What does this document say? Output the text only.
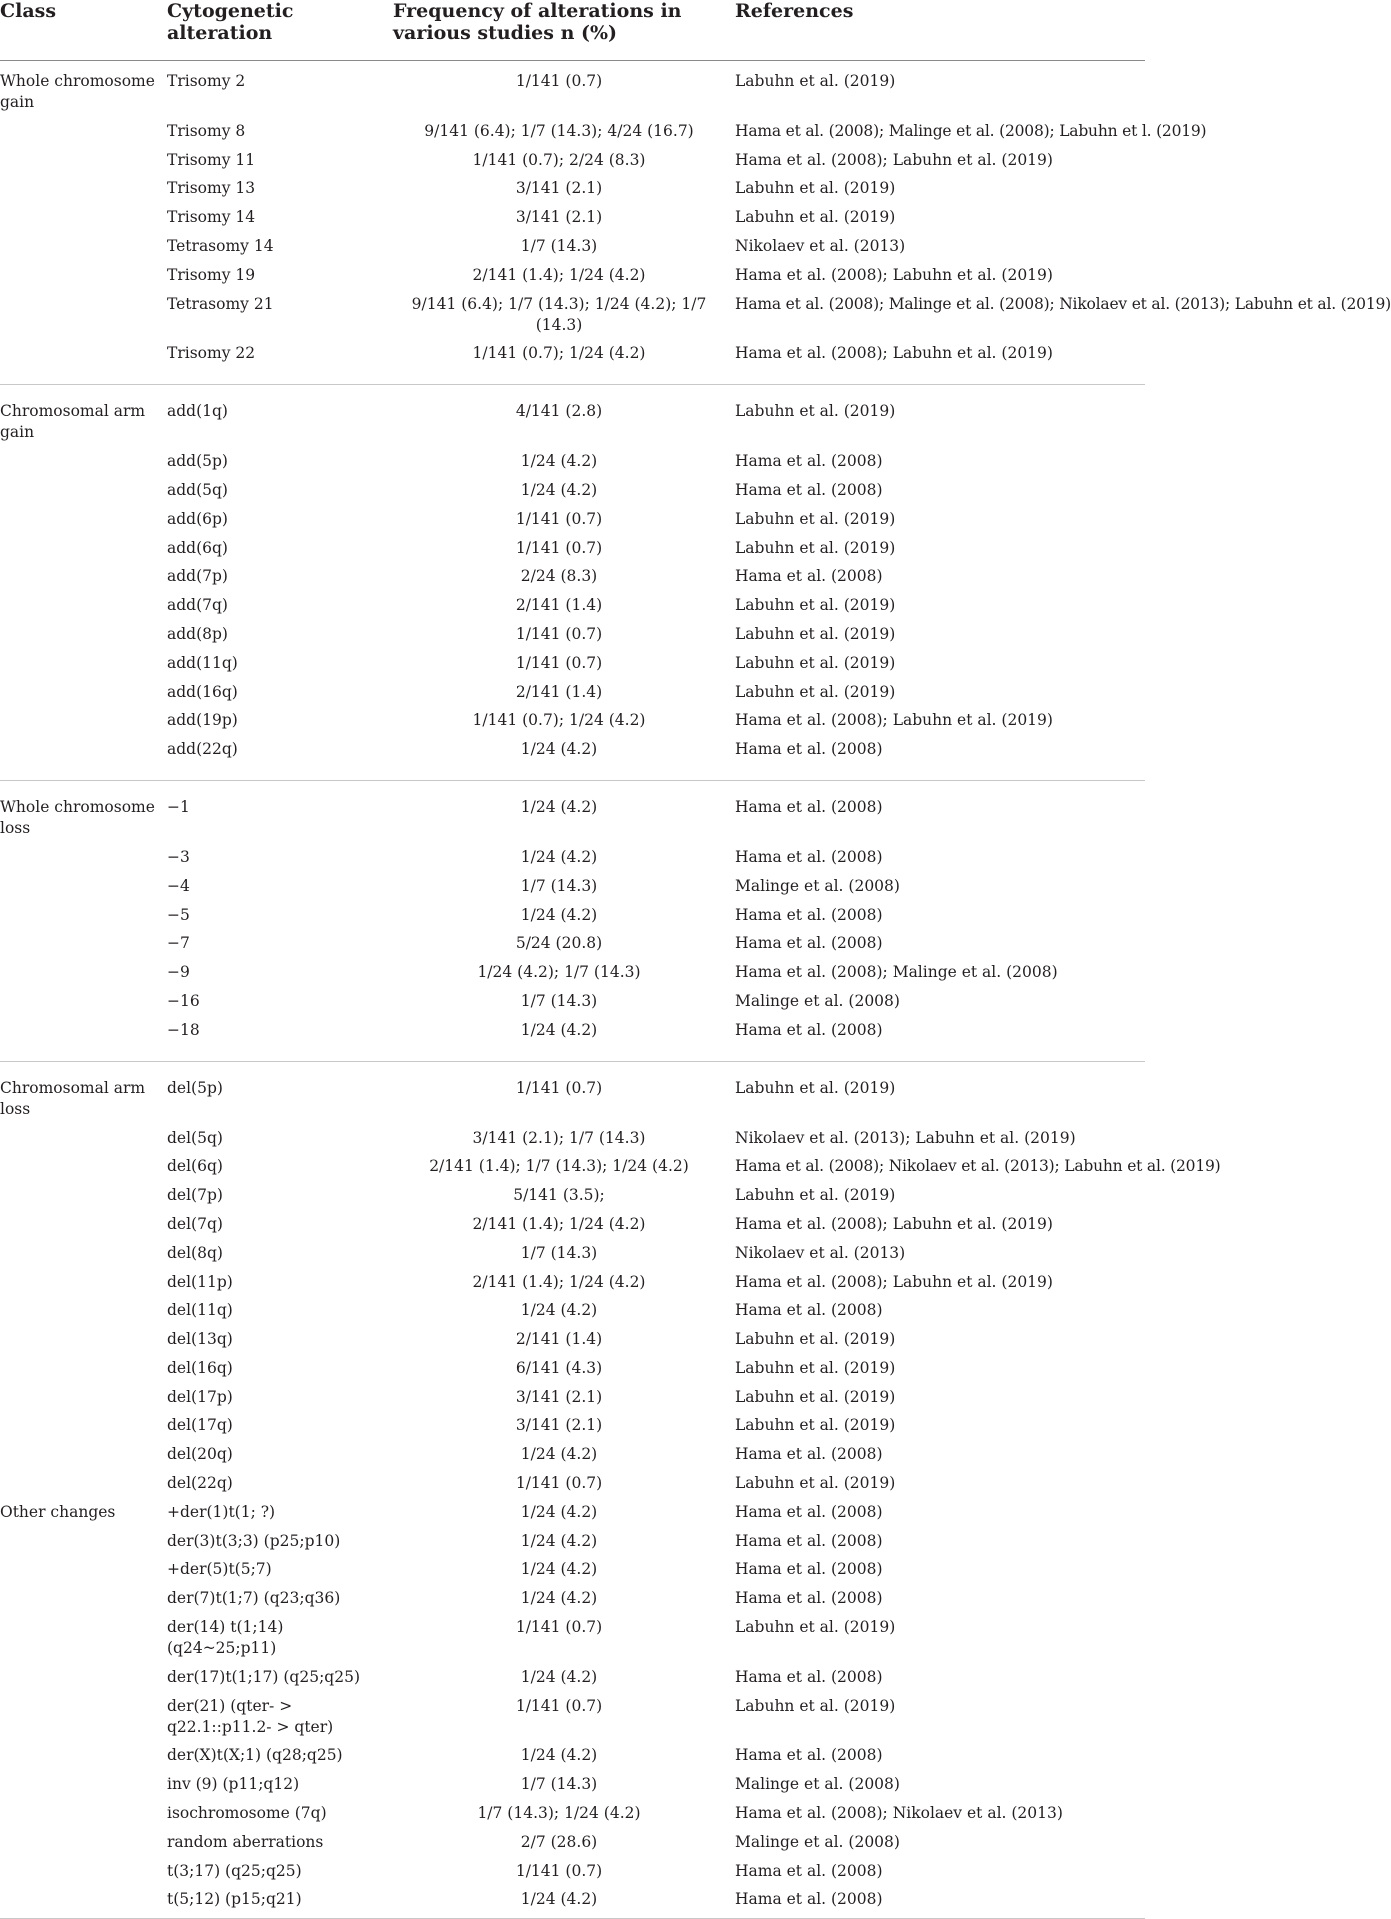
Class	Cytogenetic alteration	Frequency of alterations in various studies n (%)	References
Whole chromosome gain	Trisomy 2	1/141 (0.7)	Labuhn et al. (2019)
	Trisomy 8	9/141 (6.4); 1/7 (14.3); 4/24 (16.7)	Hama et al. (2008); Malinge et al. (2008); Labuhn et l. (2019)
	Trisomy 11	1/141 (0.7); 2/24 (8.3)	Hama et al. (2008); Labuhn et al. (2019)
	Trisomy 13	3/141 (2.1)	Labuhn et al. (2019)
	Trisomy 14	3/141 (2.1)	Labuhn et al. (2019)
	Tetrasomy 14	1/7 (14.3)	Nikolaev et al. (2013)
	Trisomy 19	2/141 (1.4); 1/24 (4.2)	Hama et al. (2008); Labuhn et al. (2019)
	Tetrasomy 21	9/141 (6.4); 1/7 (14.3); 1/24 (4.2); 1/7 (14.3)	Hama et al. (2008); Malinge et al. (2008); Nikolaev et al. (2013); Labuhn et al. (2019)
	Trisomy 22	1/141 (0.7); 1/24 (4.2)	Hama et al. (2008); Labuhn et al. (2019)
Chromosomal arm gain	add(1q)	4/141 (2.8)	Labuhn et al. (2019)
	add(5p)	1/24 (4.2)	Hama et al. (2008)
	add(5q)	1/24 (4.2)	Hama et al. (2008)
	add(6p)	1/141 (0.7)	Labuhn et al. (2019)
	add(6q)	1/141 (0.7)	Labuhn et al. (2019)
	add(7p)	2/24 (8.3)	Hama et al. (2008)
	add(7q)	2/141 (1.4)	Labuhn et al. (2019)
	add(8p)	1/141 (0.7)	Labuhn et al. (2019)
	add(11q)	1/141 (0.7)	Labuhn et al. (2019)
	add(16q)	2/141 (1.4)	Labuhn et al. (2019)
	add(19p)	1/141 (0.7); 1/24 (4.2)	Hama et al. (2008); Labuhn et al. (2019)
	add(22q)	1/24 (4.2)	Hama et al. (2008)
Whole chromosome loss	−1	1/24 (4.2)	Hama et al. (2008)
	−3	1/24 (4.2)	Hama et al. (2008)
	−4	1/7 (14.3)	Malinge et al. (2008)
	−5	1/24 (4.2)	Hama et al. (2008)
	−7	5/24 (20.8)	Hama et al. (2008)
	−9	1/24 (4.2); 1/7 (14.3)	Hama et al. (2008); Malinge et al. (2008)
	−16	1/7 (14.3)	Malinge et al. (2008)
	−18	1/24 (4.2)	Hama et al. (2008)
Chromosomal arm loss	del(5p)	1/141 (0.7)	Labuhn et al. (2019)
	del(5q)	3/141 (2.1); 1/7 (14.3)	Nikolaev et al. (2013); Labuhn et al. (2019)
	del(6q)	2/141 (1.4); 1/7 (14.3); 1/24 (4.2)	Hama et al. (2008); Nikolaev et al. (2013); Labuhn et al. (2019)
	del(7p)	5/141 (3.5);	Labuhn et al. (2019)
	del(7q)	2/141 (1.4); 1/24 (4.2)	Hama et al. (2008); Labuhn et al. (2019)
	del(8q)	1/7 (14.3)	Nikolaev et al. (2013)
	del(11p)	2/141 (1.4); 1/24 (4.2)	Hama et al. (2008); Labuhn et al. (2019)
	del(11q)	1/24 (4.2)	Hama et al. (2008)
	del(13q)	2/141 (1.4)	Labuhn et al. (2019)
	del(16q)	6/141 (4.3)	Labuhn et al. (2019)
	del(17p)	3/141 (2.1)	Labuhn et al. (2019)
	del(17q)	3/141 (2.1)	Labuhn et al. (2019)
	del(20q)	1/24 (4.2)	Hama et al. (2008)
	del(22q)	1/141 (0.7)	Labuhn et al. (2019)
Other changes	+der(1)t(1; ?)	1/24 (4.2)	Hama et al. (2008)
	der(3)t(3;3) (p25;p10)	1/24 (4.2)	Hama et al. (2008)
	+der(5)t(5;7)	1/24 (4.2)	Hama et al. (2008)
	der(7)t(1;7) (q23;q36)	1/24 (4.2)	Hama et al. (2008)
	der(14) t(1;14) (q24~25;p11)	1/141 (0.7)	Labuhn et al. (2019)
	der(17)t(1;17) (q25;q25)	1/24 (4.2)	Hama et al. (2008)
	der(21) (qter- > q22.1::p11.2- > qter)	1/141 (0.7)	Labuhn et al. (2019)
	der(X)t(X;1) (q28;q25)	1/24 (4.2)	Hama et al. (2008)
	inv (9) (p11;q12)	1/7 (14.3)	Malinge et al. (2008)
	isochromosome (7q)	1/7 (14.3); 1/24 (4.2)	Hama et al. (2008); Nikolaev et al. (2013)
	random aberrations	2/7 (28.6)	Malinge et al. (2008)
	t(3;17) (q25;q25)	1/141 (0.7)	Hama et al. (2008)
	t(5;12) (p15;q21)	1/24 (4.2)	Hama et al. (2008)
